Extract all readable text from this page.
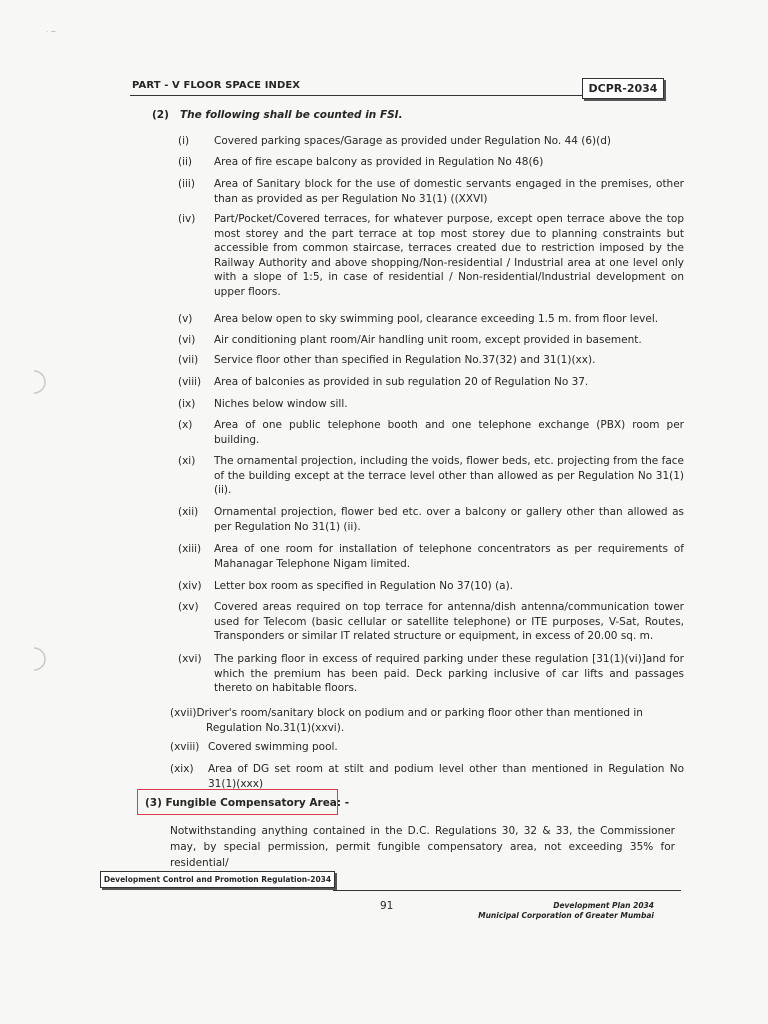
· ~
PART - V FLOOR SPACE INDEX	DCPR-2034
(2) The following shall be counted in FSI.
(i) Covered parking spaces/Garage as provided under Regulation No. 44 (6)(d)
(ii) Area of fire escape balcony as provided in Regulation No 48(6)
(iii) Area of Sanitary block for the use of domestic servants engaged in the premises, other than as provided as per Regulation No 31(1) ((XXVI)
(iv) Part/Pocket/Covered terraces, for whatever purpose, except open terrace above the top most storey and the part terrace at top most storey due to planning constraints but accessible from common staircase, terraces created due to restriction imposed by the Railway Authority and above shopping/Non-residential / Industrial area at one level only with a slope of 1:5, in case of residential / Non-residential/Industrial development on upper floors.
(v) Area below open to sky swimming pool, clearance exceeding 1.5 m. from floor level.
(vi) Air conditioning plant room/Air handling unit room, except provided in basement.
(vii) Service floor other than specified in Regulation No.37(32) and 31(1)(xx).
(viii) Area of balconies as provided in sub regulation 20 of Regulation No 37.
(ix) Niches below window sill.
(x) Area of one public telephone booth and one telephone exchange (PBX) room per building.
(xi) The ornamental projection, including the voids, flower beds, etc. projecting from the face of the building except at the terrace level other than allowed as per Regulation No 31(1) (ii).
(xii) Ornamental projection, flower bed etc. over a balcony or gallery other than allowed as per Regulation No 31(1) (ii).
(xiii) Area of one room for installation of telephone concentrators as per requirements of Mahanagar Telephone Nigam limited.
(xiv) Letter box room as specified in Regulation No 37(10) (a).
(xv) Covered areas required on top terrace for antenna/dish antenna/communication tower used for Telecom (basic cellular or satellite telephone) or ITE purposes, V-Sat, Routes, Transponders or similar IT related structure or equipment, in excess of 20.00 sq. m.
(xvi) The parking floor in excess of required parking under these regulation [31(1)(vi)]and for which the premium has been paid. Deck parking inclusive of car lifts and passages thereto on habitable floors.
(xvii)Driver's room/sanitary block on podium and or parking floor other than mentioned in
Regulation No.31(1)(xxvi).
(xviii) Covered swimming pool.
(xix) Area of DG set room at stilt and podium level other than mentioned in Regulation No 31(1)(xxx)
(3) Fungible Compensatory Area: -
Notwithstanding anything contained in the D.C. Regulations 30, 32 & 33, the Commissioner may, by special permission, permit fungible compensatory area, not exceeding 35% for residential/
Development Control and Promotion Regulation-2034
91	Development Plan 2034
Municipal Corporation of Greater Mumbai
